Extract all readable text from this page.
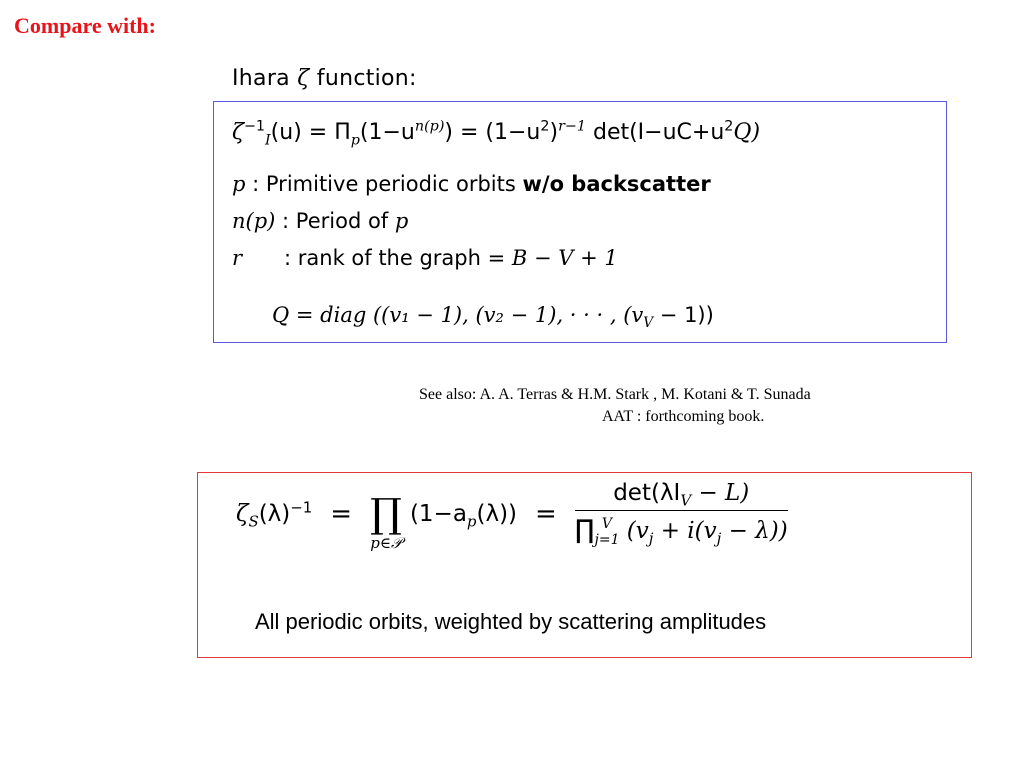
Compare with:
Ihara ζ function:
$\zeta^{-1}_I(u) = \Pi_p(1-u^{n(p)}) = (1-u^2)^{r-1}$ $\det(I-uC+u^2Q)$
p : Primitive periodic orbits w/o backscatter
n(p) : Period of p
r : rank of the graph = B − V + 1
Q = diag ((v₁ − 1), (v₂ − 1), · · · , $(v_V - 1)$)
See also: A. A. Terras & H.M. Stark , M. Kotani & T. Sunada
AAT : forthcoming book.
$\zeta_S(\lambda)^{-1}$ = ∏
p∈𝒫
$(1-a_p(\lambda)) = \det(\lambda I_V - L)$
∏ V
j=1 $(v_j + i(v_j - \lambda))$
All periodic orbits, weighted by scattering amplitudes
